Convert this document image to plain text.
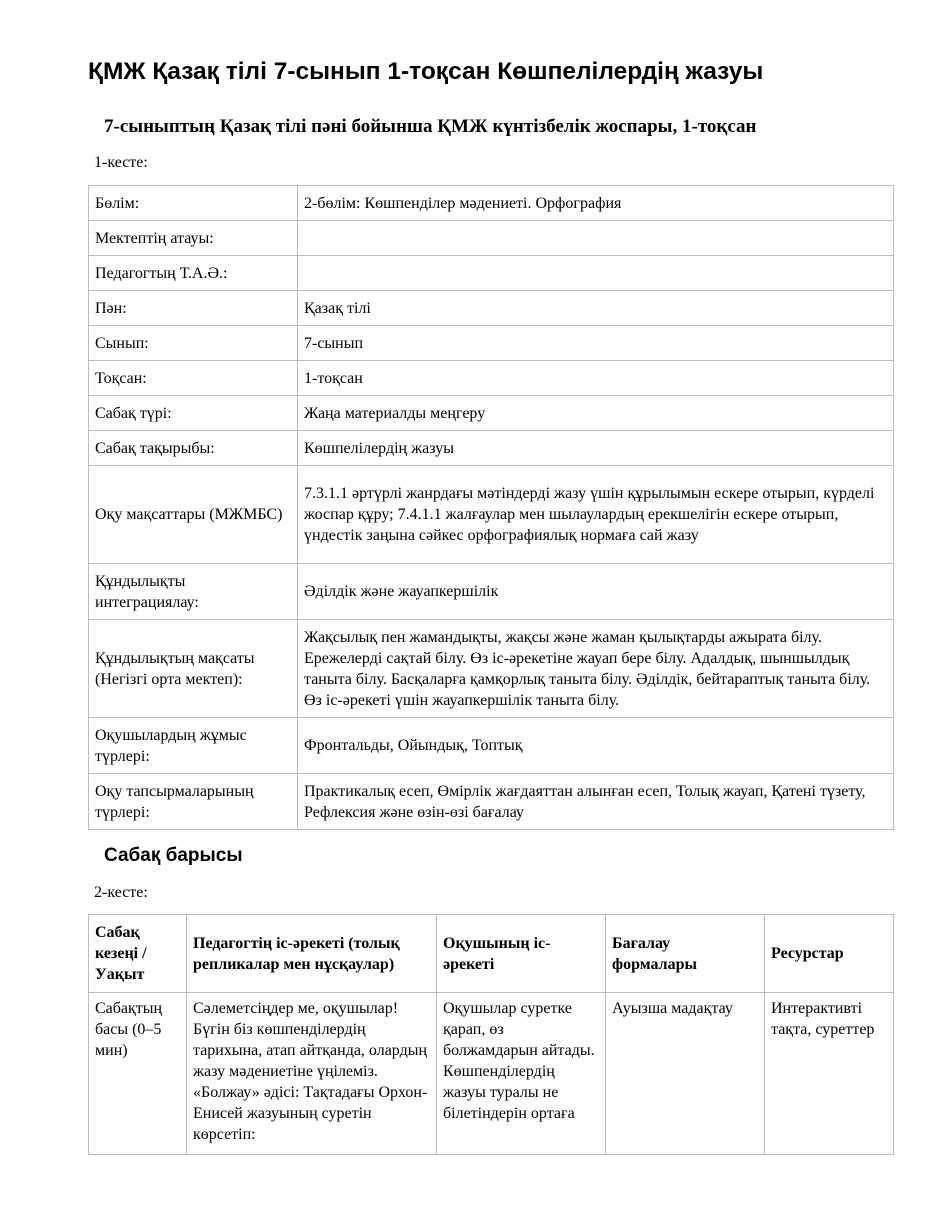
ҚМЖ Қазақ тілі 7-сынып 1-тоқсан Көшпелілердің жазуы
7-сыныптың Қазақ тілі пәні бойынша ҚМЖ күнтізбелік жоспары, 1-тоқсан
1-кесте:
Бөлім:	2-бөлім: Көшпенділер мәдениеті. Орфография
Мектептің атауы:	
Педагогтың Т.А.Ә.:	
Пән:	Қазақ тілі
Сынып:	7-сынып
Тоқсан:	1-тоқсан
Сабақ түрі:	Жаңа материалды меңгеру
Сабақ тақырыбы:	Көшпелілердің жазуы
Оқу мақсаттары (МЖМБС)	7.3.1.1 әртүрлі жанрдағы мәтіндерді жазу үшін құрылымын ескере отырып, күрделі жоспар құру; 7.4.1.1 жалғаулар мен шылаулардың ерекшелігін ескере отырып, үндестік заңына сәйкес орфографиялық нормаға сай жазу
Құндылықты интеграциялау:	Әділдік және жауапкершілік
Құндылықтың мақсаты (Негізгі орта мектеп):	Жақсылық пен жамандықты, жақсы және жаман қылықтарды ажырата білу. Ережелерді сақтай білу. Өз іс-әрекетіне жауап бере білу. Адалдық, шыншылдық таныта білу. Басқаларға қамқорлық таныта білу. Әділдік, бейтараптық таныта білу. Өз іс-әрекеті үшін жауапкершілік таныта білу.
Оқушылардың жұмыс түрлері:	Фронтальды, Ойындық, Топтық
Оқу тапсырмаларының түрлері:	Практикалық есеп, Өмірлік жағдаяттан алынған есеп, Толық жауап, Қатені түзету, Рефлексия және өзін-өзі бағалау
Сабақ барысы
2-кесте:
Сабақ кезеңі / Уақыт	Педагогтің іс-әрекеті (толық репликалар мен нұсқаулар)	Оқушының іс-әрекеті	Бағалау формалары	Ресурстар

Сабақтың басы (0–5 мин)	Сәлеметсіңдер ме, оқушылар! Бүгін біз көшпенділердің тарихына, атап айтқанда, олардың жазу мәдениетіне үңілеміз. «Болжау» әдісі: Тақтадағы Орхон-Енисей жазуының суретін көрсетіп:	Оқушылар суретке қарап, өз болжамдарын айтады. Көшпенділердің жазуы туралы не білетіндерін ортаға	Ауызша мадақтау	Интерактивті тақта, суреттер
